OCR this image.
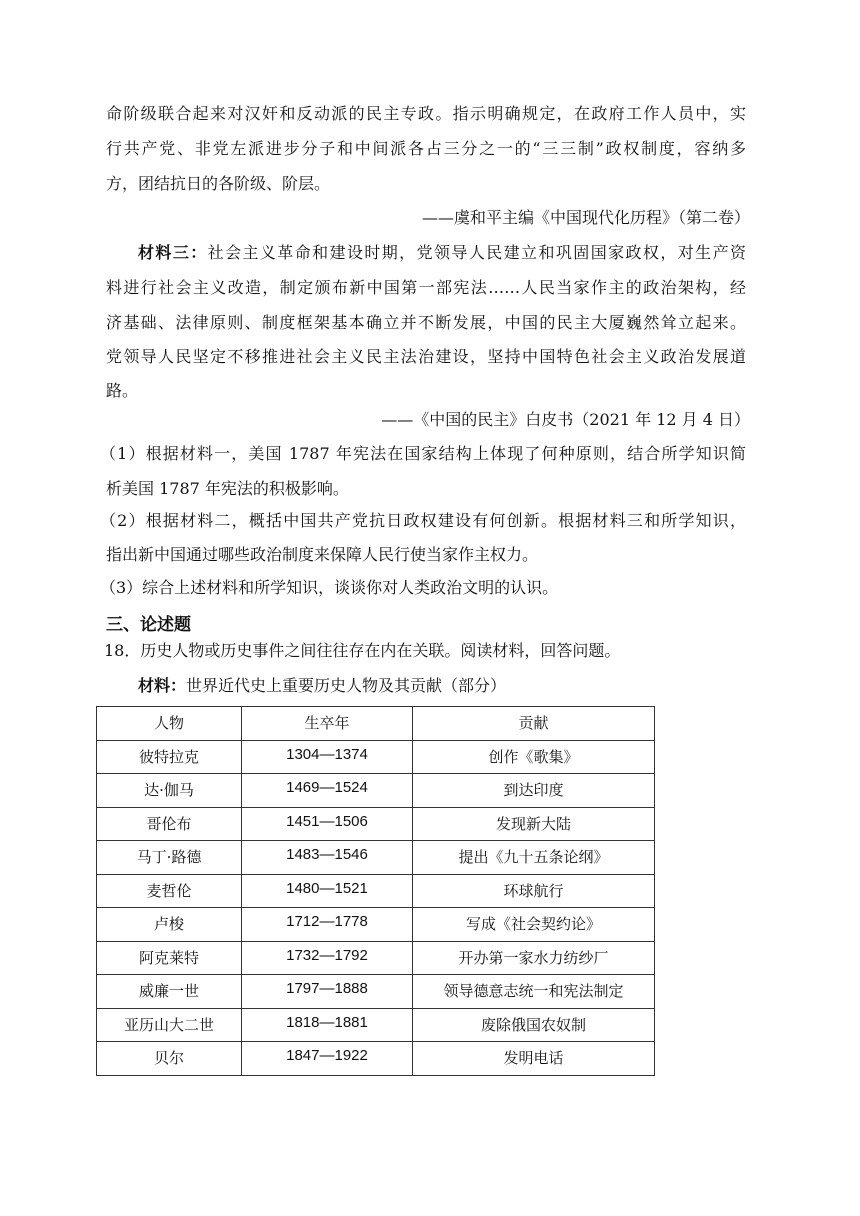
命阶级联合起来对汉奸和反动派的民主专政。指示明确规定，在政府工作人员中，实
行共产党、非党左派进步分子和中间派各占三分之一的“三三制”政权制度，容纳多
方，团结抗日的各阶级、阶层。
——虞和平主编《中国现代化历程》（第二卷）
材料三：社会主义革命和建设时期，党领导人民建立和巩固国家政权，对生产资
料进行社会主义改造，制定颁布新中国第一部宪法……人民当家作主的政治架构，经
济基础、法律原则、制度框架基本确立并不断发展，中国的民主大厦巍然耸立起来。
党领导人民坚定不移推进社会主义民主法治建设，坚持中国特色社会主义政治发展道
路。
——《中国的民主》白皮书（2021 年 12 月 4 日）
（1）根据材料一，美国 1787 年宪法在国家结构上体现了何种原则，结合所学知识简
析美国 1787 年宪法的积极影响。
（2）根据材料二，概括中国共产党抗日政权建设有何创新。根据材料三和所学知识，
指出新中国通过哪些政治制度来保障人民行使当家作主权力。
（3）综合上述材料和所学知识，谈谈你对人类政治文明的认识。
三、论述题
18．历史人物或历史事件之间往往存在内在关联。阅读材料，回答问题。
材料：世界近代史上重要历史人物及其贡献（部分）
人物	生卒年	贡献
彼特拉克	1304—1374	创作《歌集》
达·伽马	1469—1524	到达印度
哥伦布	1451—1506	发现新大陆
马丁·路德	1483—1546	提出《九十五条论纲》
麦哲伦	1480—1521	环球航行
卢梭	1712—1778	写成《社会契约论》
阿克莱特	1732—1792	开办第一家水力纺纱厂
威廉一世	1797—1888	领导德意志统一和宪法制定
亚历山大二世	1818—1881	废除俄国农奴制
贝尔	1847—1922	发明电话
